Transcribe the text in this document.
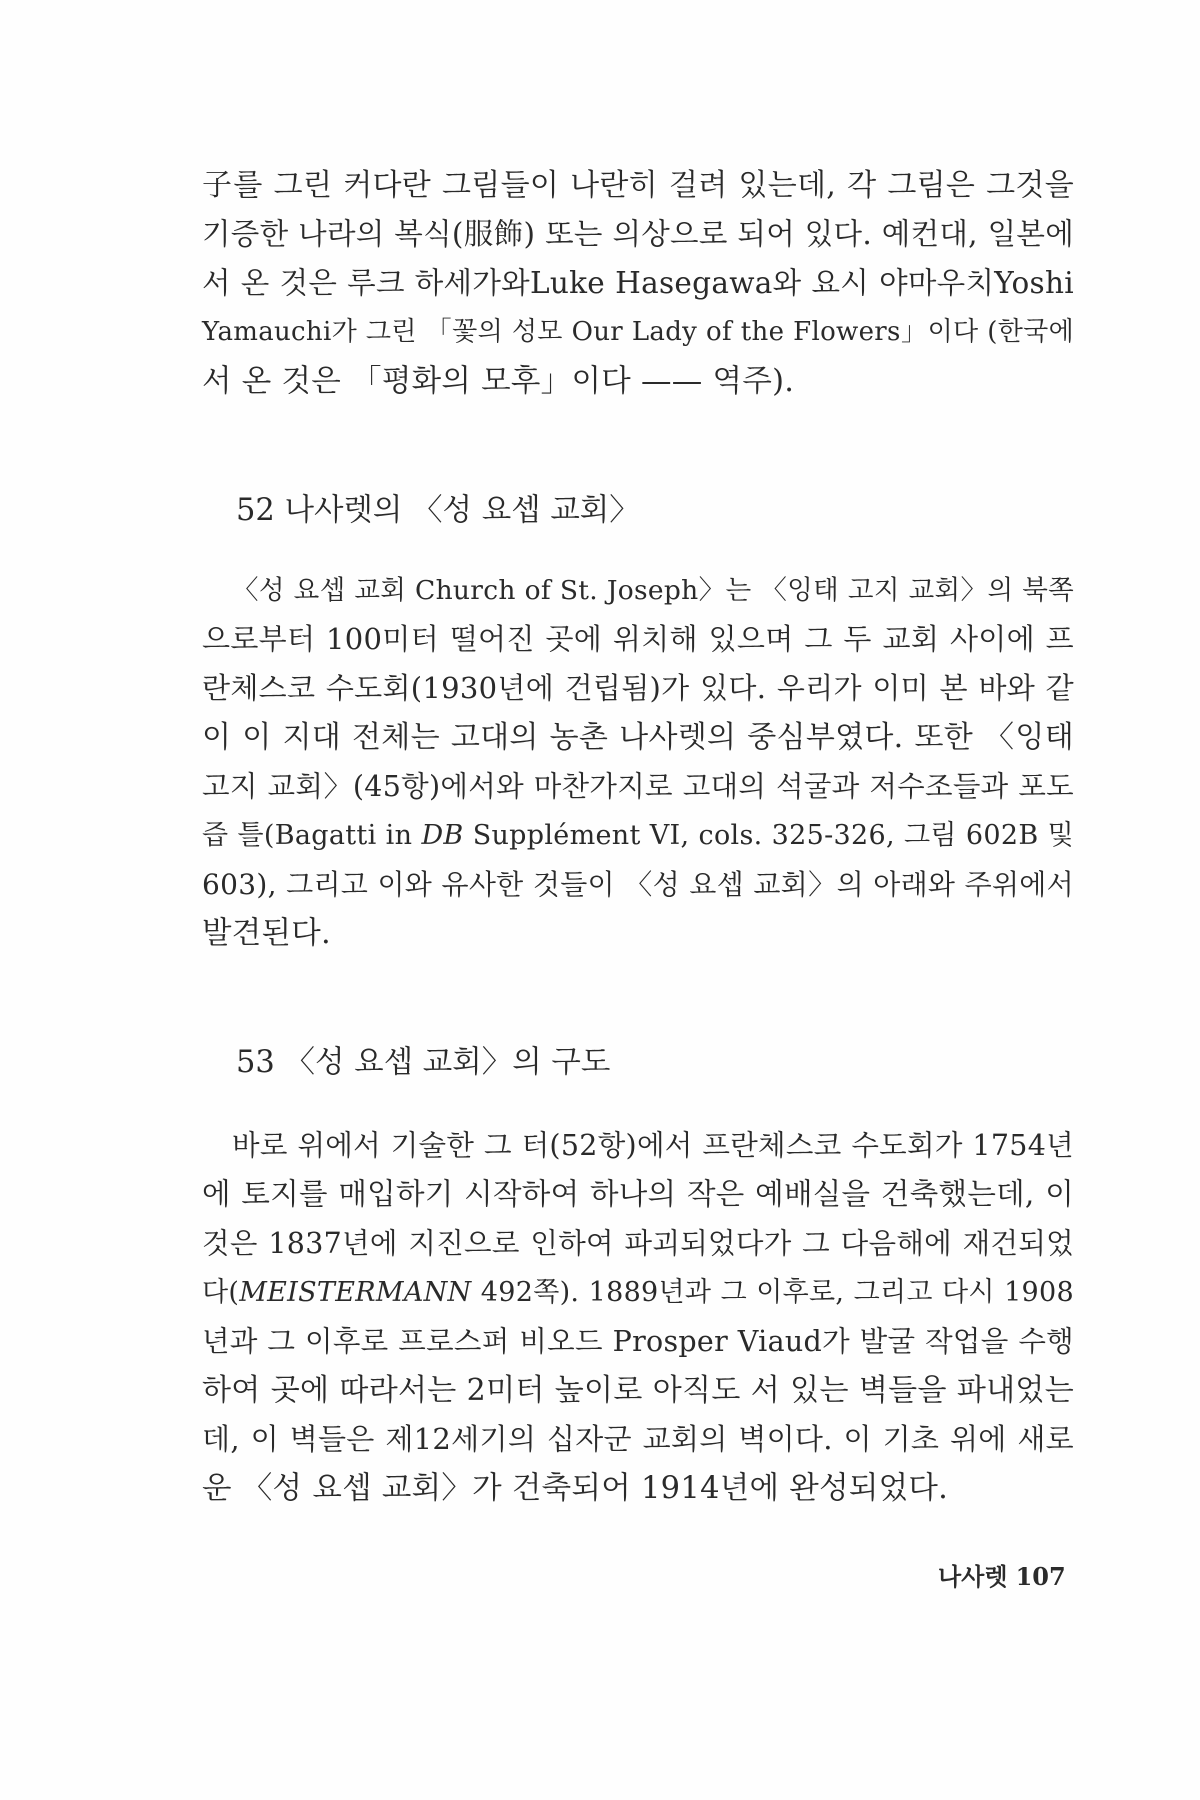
子를 그린 커다란 그림들이 나란히 걸려 있는데, 각 그림은 그것을
기증한 나라의 복식(服飾) 또는 의상으로 되어 있다. 예컨대, 일본에
서 온 것은 루크 하세가와Luke Hasegawa와 요시 야마우치Yoshi
Yamauchi가 그린 「꽃의 성모 Our Lady of the Flowers」이다 (한국에
서 온 것은 「평화의 모후」이다 —— 역주).
52 나사렛의 〈성 요셉 교회〉
〈성 요셉 교회 Church of St. Joseph〉는 〈잉태 고지 교회〉의 북쪽
으로부터 100미터 떨어진 곳에 위치해 있으며 그 두 교회 사이에 프
란체스코 수도회(1930년에 건립됨)가 있다. 우리가 이미 본 바와 같
이 이 지대 전체는 고대의 농촌 나사렛의 중심부였다. 또한 〈잉태
고지 교회〉(45항)에서와 마찬가지로 고대의 석굴과 저수조들과 포도
즙 틀(Bagatti in DB Supplément VI, cols. 325-326, 그림 602B 및
603), 그리고 이와 유사한 것들이 〈성 요셉 교회〉의 아래와 주위에서
발견된다.
53 〈성 요셉 교회〉의 구도
바로 위에서 기술한 그 터(52항)에서 프란체스코 수도회가 1754년
에 토지를 매입하기 시작하여 하나의 작은 예배실을 건축했는데, 이
것은 1837년에 지진으로 인하여 파괴되었다가 그 다음해에 재건되었
다(MEISTERMANN 492쪽). 1889년과 그 이후로, 그리고 다시 1908
년과 그 이후로 프로스퍼 비오드 Prosper Viaud가 발굴 작업을 수행
하여 곳에 따라서는 2미터 높이로 아직도 서 있는 벽들을 파내었는
데, 이 벽들은 제12세기의 십자군 교회의 벽이다. 이 기초 위에 새로
운 〈성 요셉 교회〉가 건축되어 1914년에 완성되었다.
나사렛 107
